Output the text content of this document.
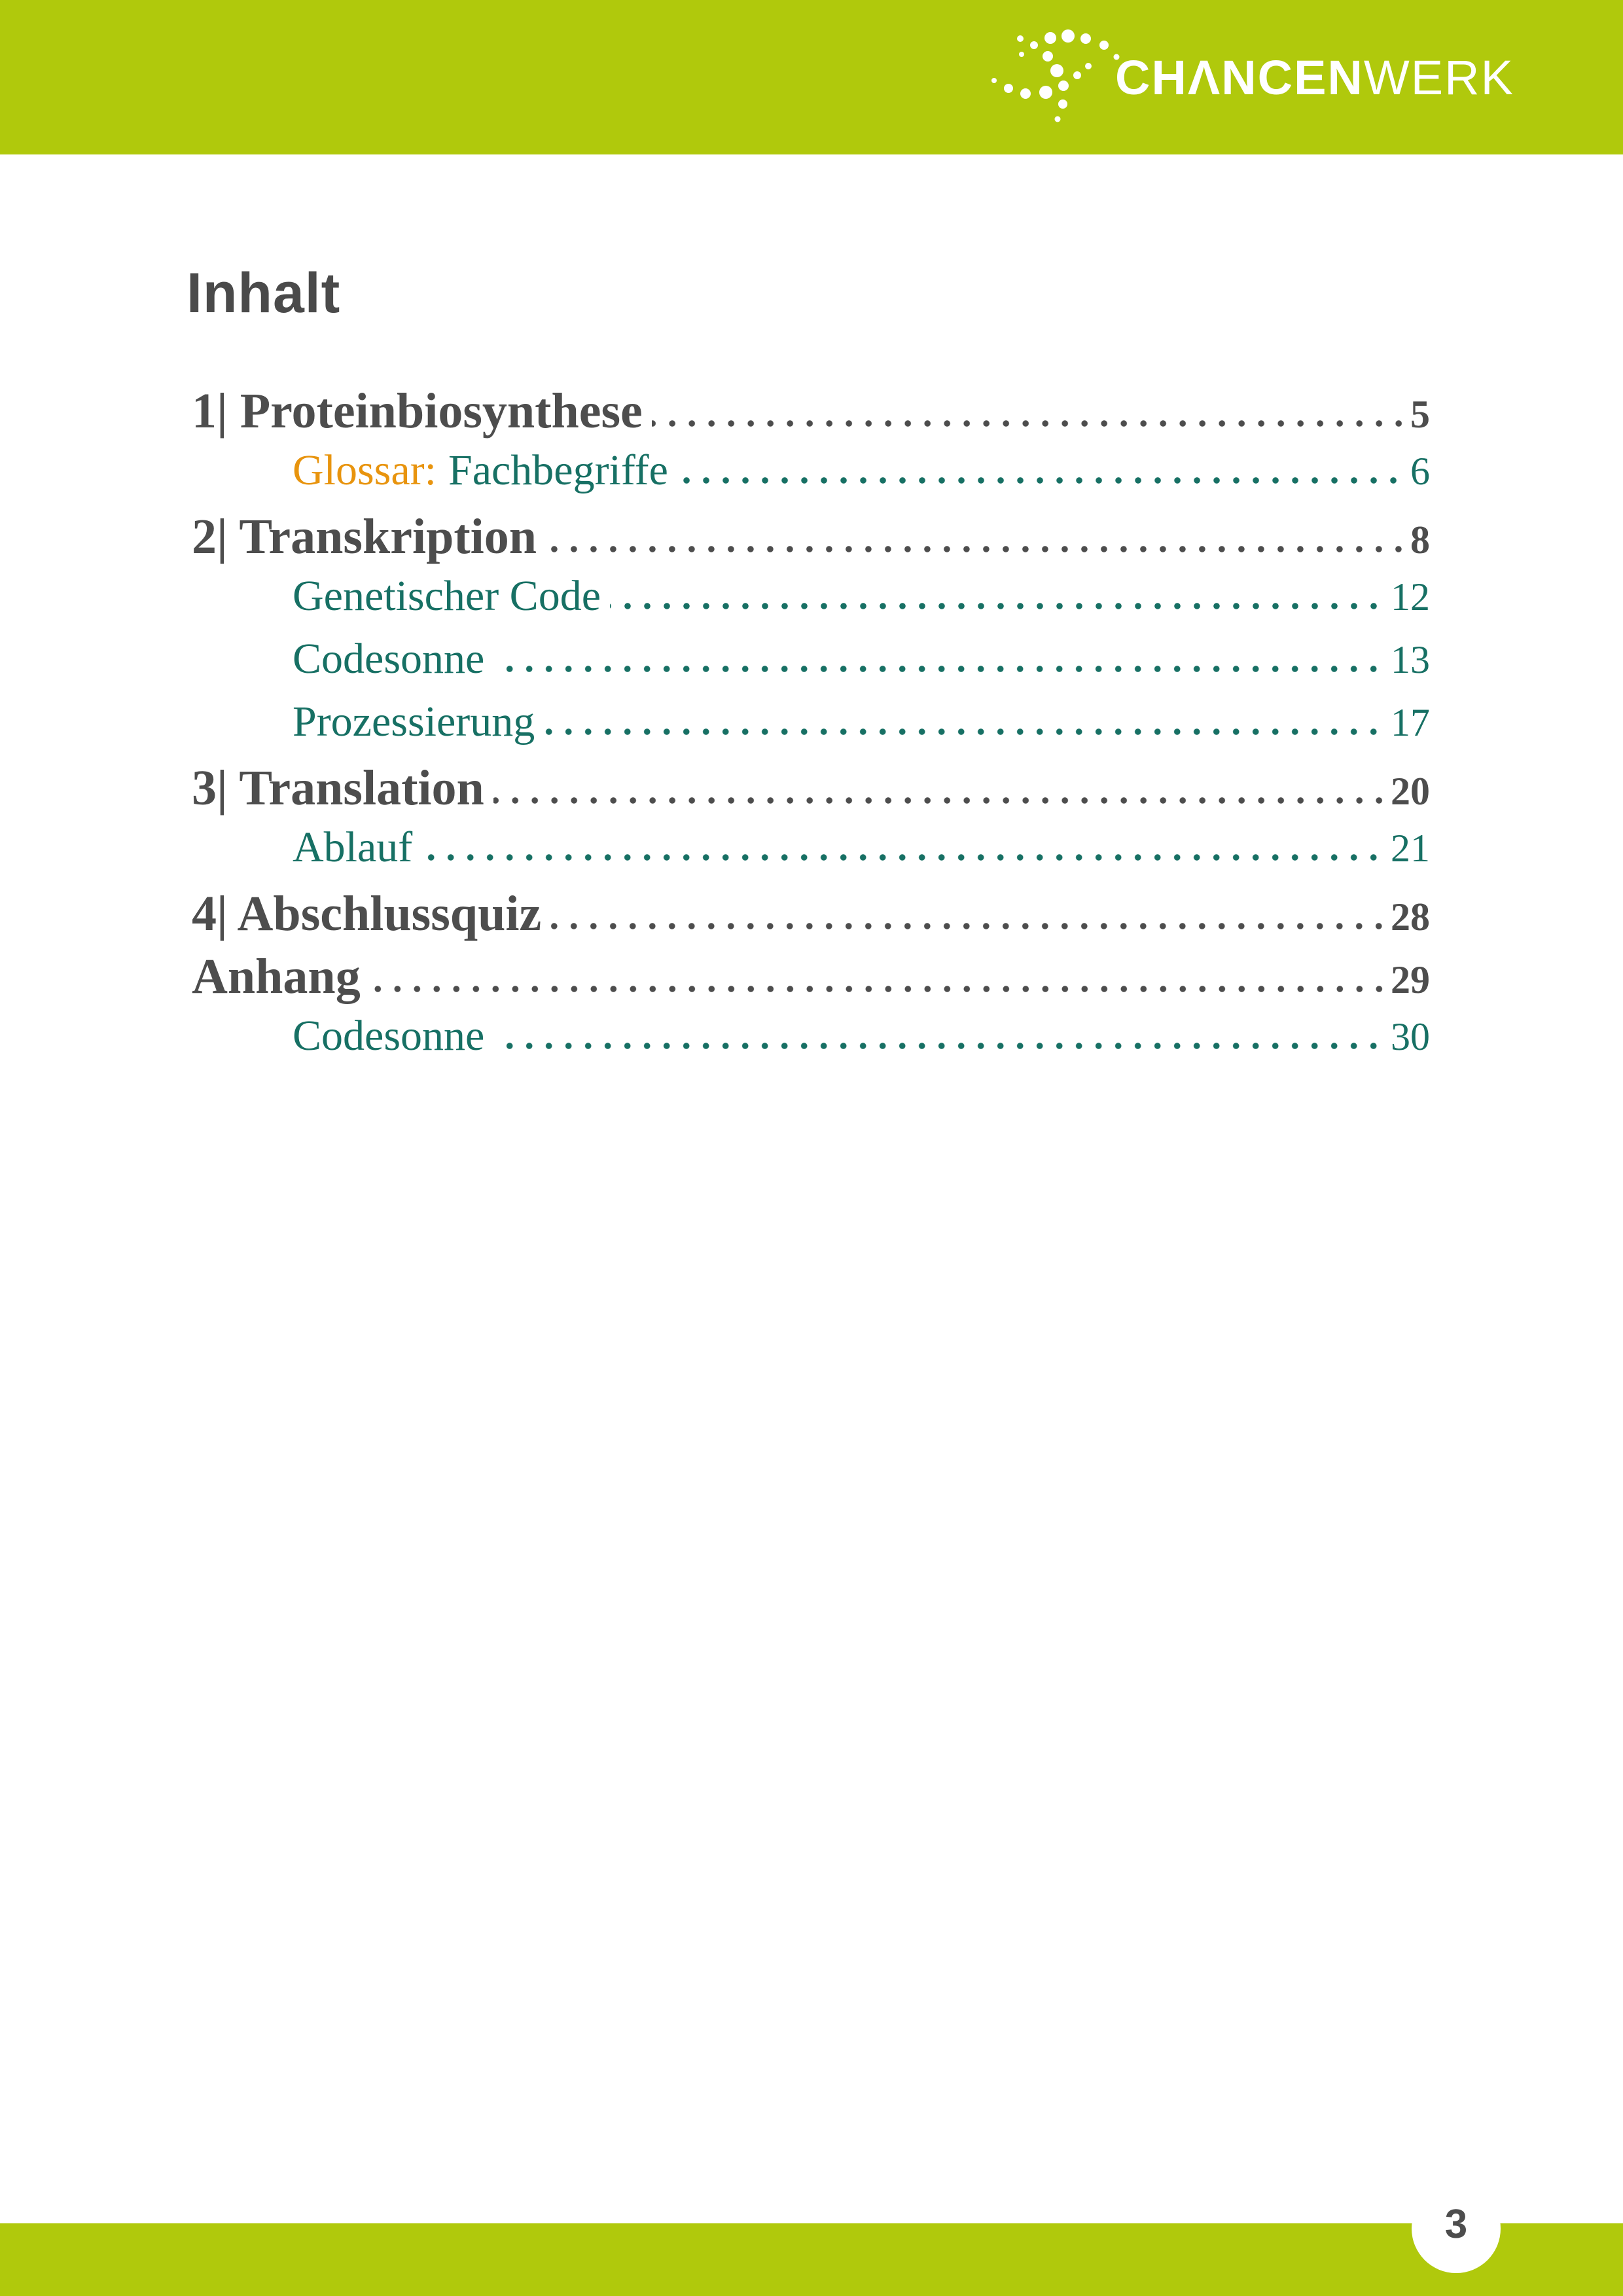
CHΛNCEN WERK
Inhalt
1| Proteinbiosynthese	5
Glossar: Fachbegriffe	6
2| Transkription	8
Genetischer Code	12
Codesonne	13
Prozessierung	17
3| Translation	20
Ablauf	21
4| Abschlussquiz	28
Anhang	29
Codesonne	30
3
